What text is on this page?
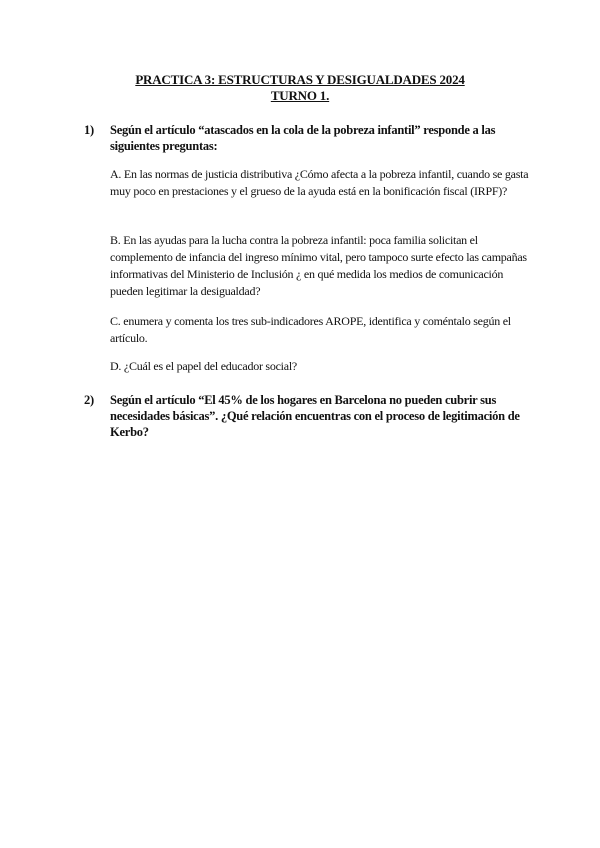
PRACTICA 3: ESTRUCTURAS Y DESIGUALDADES 2024
TURNO 1.
1) Según el artículo “atascados en la cola de la pobreza infantil” responde a las siguientes preguntas:
A. En las normas de justicia distributiva ¿Cómo afecta a la pobreza infantil, cuando se gasta muy poco en prestaciones y el grueso de la ayuda está en la bonificación fiscal (IRPF)?
B. En las ayudas para la lucha contra la pobreza infantil: poca familia solicitan el complemento de infancia del ingreso mínimo vital, pero tampoco surte efecto las campañas informativas del Ministerio de Inclusión ¿ en qué medida los medios de comunicación pueden legitimar la desigualdad?
C. enumera y comenta los tres sub-indicadores AROPE, identifica y coméntalo según el artículo.
D. ¿Cuál es el papel del educador social?
2) Según el artículo “El 45% de los hogares en Barcelona no pueden cubrir sus necesidades básicas”. ¿Qué relación encuentras con el proceso de legitimación de Kerbo?
